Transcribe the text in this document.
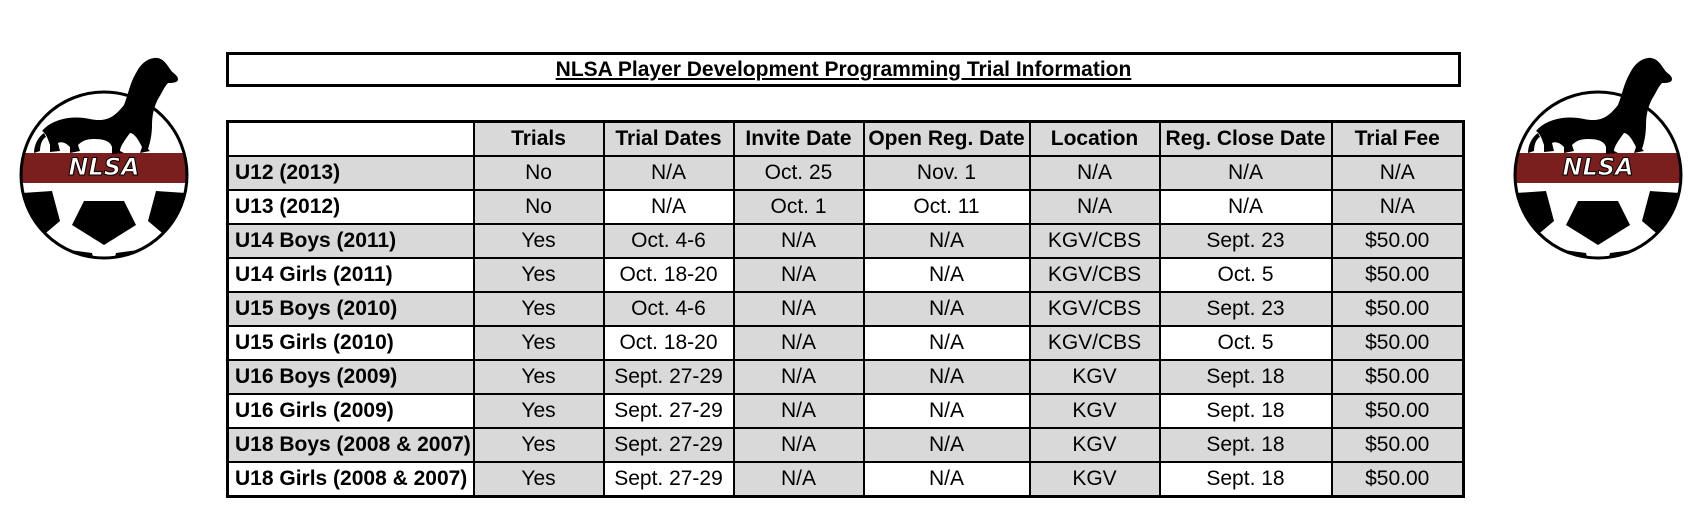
NLSA	NLSA
NLSA Player Development Programming Trial Information
	Trials	Trial Dates	Invite Date	Open Reg. Date	Location	Reg. Close Date	Trial Fee
U12 (2013)	No	N/A	Oct. 25	Nov. 1	N/A	N/A	N/A
U13 (2012)	No	N/A	Oct. 1	Oct. 11	N/A	N/A	N/A
U14 Boys (2011)	Yes	Oct. 4-6	N/A	N/A	KGV/CBS	Sept. 23	$50.00
U14 Girls (2011)	Yes	Oct. 18-20	N/A	N/A	KGV/CBS	Oct. 5	$50.00
U15 Boys (2010)	Yes	Oct. 4-6	N/A	N/A	KGV/CBS	Sept. 23	$50.00
U15 Girls (2010)	Yes	Oct. 18-20	N/A	N/A	KGV/CBS	Oct. 5	$50.00
U16 Boys (2009)	Yes	Sept. 27-29	N/A	N/A	KGV	Sept. 18	$50.00
U16 Girls (2009)	Yes	Sept. 27-29	N/A	N/A	KGV	Sept. 18	$50.00
U18 Boys (2008 & 2007)	Yes	Sept. 27-29	N/A	N/A	KGV	Sept. 18	$50.00
U18 Girls (2008 & 2007)	Yes	Sept. 27-29	N/A	N/A	KGV	Sept. 18	$50.00
